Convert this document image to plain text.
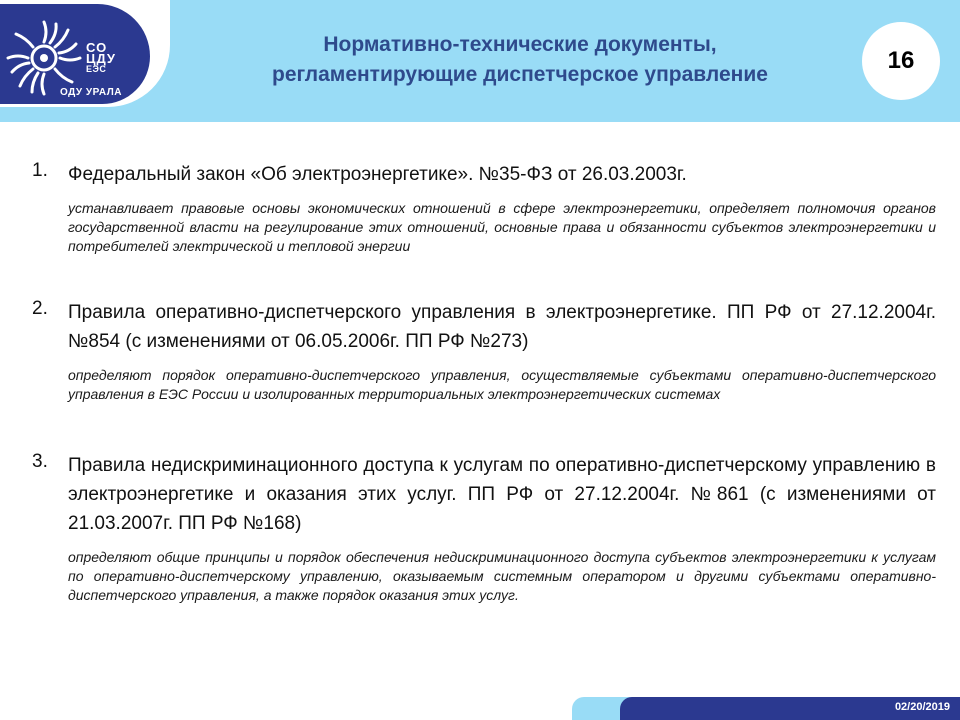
СО
ЦДУ
ЕЭС
ОДУ УРАЛА
Нормативно-технические документы,
регламентирующие диспетчерское управление
16
1. Федеральный закон «Об электроэнергетике». №35-ФЗ от 26.03.2003г.
устанавливает правовые основы экономических отношений в сфере электроэнергетики, определяет полномочия органов государственной власти на регулирование этих отношений, основные права и обязанности субъектов электроэнергетики и потребителей электрической и тепловой энергии
2. Правила оперативно-диспетчерского управления в электроэнергетике. ПП РФ от 27.12.2004г. №854 (с изменениями от 06.05.2006г. ПП РФ №273)
определяют порядок оперативно-диспетчерского управления, осуществляемые субъектами оперативно-диспетчерского управления в ЕЭС России и изолированных территориальных электроэнергетических системах
3. Правила недискриминационного доступа к услугам по оперативно-диспетчерскому управлению в электроэнергетике и оказания этих услуг. ПП РФ от 27.12.2004г. №861 (с изменениями от 21.03.2007г. ПП РФ №168)
определяют общие принципы и порядок обеспечения недискриминационного доступа субъектов электроэнергетики к услугам по оперативно-диспетчерскому управлению, оказываемым системным оператором и другими субъектами оперативно-диспетчерского управления, а также порядок оказания этих услуг.
02/20/2019
